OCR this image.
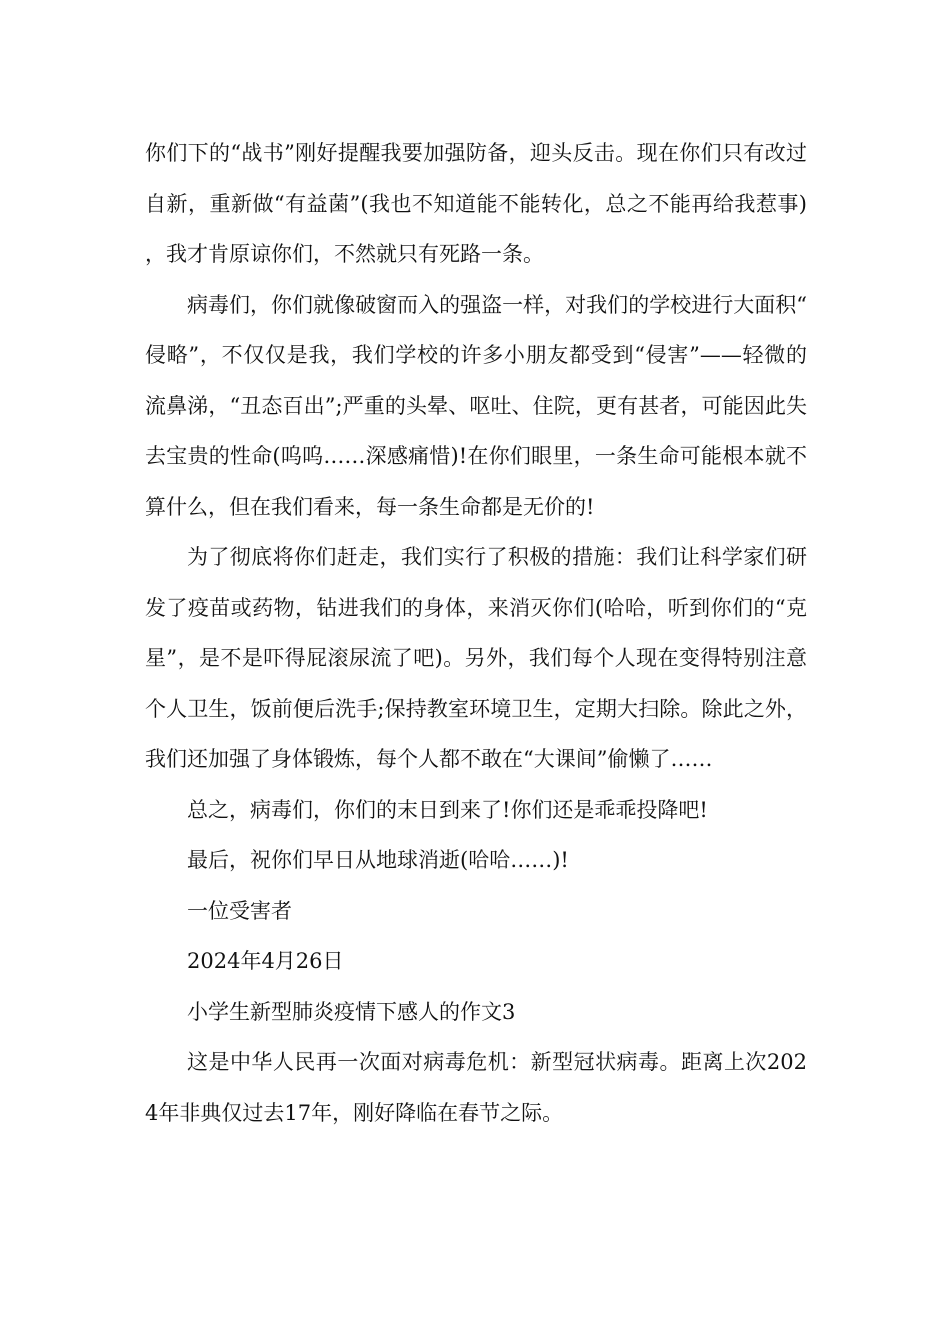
你们下的“战书”刚好提醒我要加强防备，迎头反击。现在你们只有改过自新，重新做“有益菌”(我也不知道能不能转化，总之不能再给我惹事)，我才肯原谅你们，不然就只有死路一条。

病毒们，你们就像破窗而入的强盗一样，对我们的学校进行大面积“侵略”，不仅仅是我，我们学校的许多小朋友都受到“侵害”——轻微的流鼻涕，“丑态百出”;严重的头晕、呕吐、住院，更有甚者，可能因此失去宝贵的性命(呜呜……深感痛惜)!在你们眼里，一条生命可能根本就不算什么，但在我们看来，每一条生命都是无价的!

为了彻底将你们赶走，我们实行了积极的措施：我们让科学家们研发了疫苗或药物，钻进我们的身体，来消灭你们(哈哈，听到你们的“克星”，是不是吓得屁滚尿流了吧)。另外，我们每个人现在变得特别注意个人卫生，饭前便后洗手;保持教室环境卫生，定期大扫除。除此之外，我们还加强了身体锻炼，每个人都不敢在“大课间”偷懒了……

总之，病毒们，你们的末日到来了!你们还是乖乖投降吧!

最后，祝你们早日从地球消逝(哈哈……)!

一位受害者

2024年4月26日

小学生新型肺炎疫情下感人的作文3

这是中华人民再一次面对病毒危机：新型冠状病毒。距离上次2024年非典仅过去17年，刚好降临在春节之际。
